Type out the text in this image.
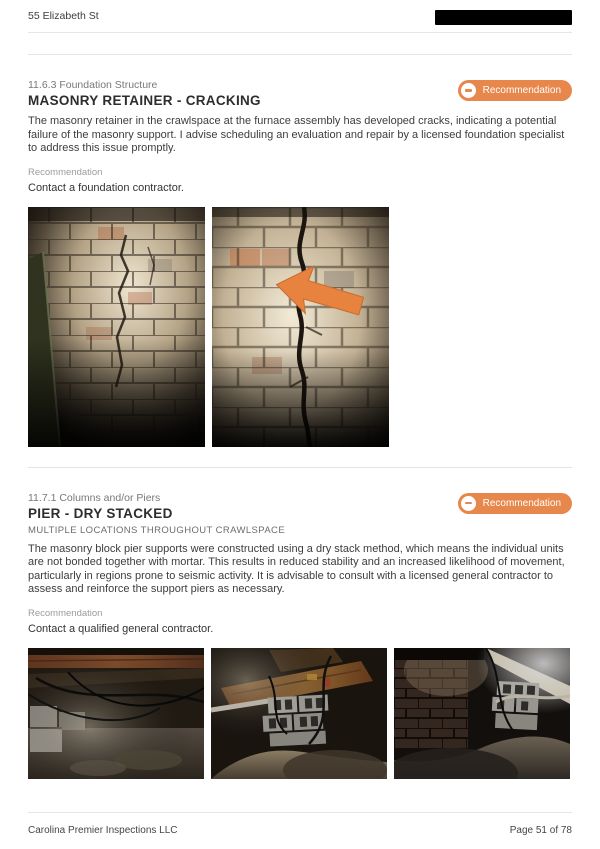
55 Elizabeth St
11.6.3 Foundation Structure
MASONRY RETAINER - CRACKING
Recommendation

The masonry retainer in the crawlspace at the furnace assembly has developed cracks, indicating a potential failure of the masonry support. I advise scheduling an evaluation and repair by a licensed foundation specialist to address this issue promptly.

Recommendation
Contact a foundation contractor.
11.7.1 Columns and/or Piers
PIER - DRY STACKED
MULTIPLE LOCATIONS THROUGHOUT CRAWLSPACE
Recommendation

The masonry block pier supports were constructed using a dry stack method, which means the individual units are not bonded together with mortar. This results in reduced stability and an increased likelihood of movement, particularly in regions prone to seismic activity. It is advisable to consult with a licensed general contractor to assess and reinforce the support piers as necessary.

Recommendation
Contact a qualified general contractor.
Carolina Premier Inspections LLC	Page 51 of 78
